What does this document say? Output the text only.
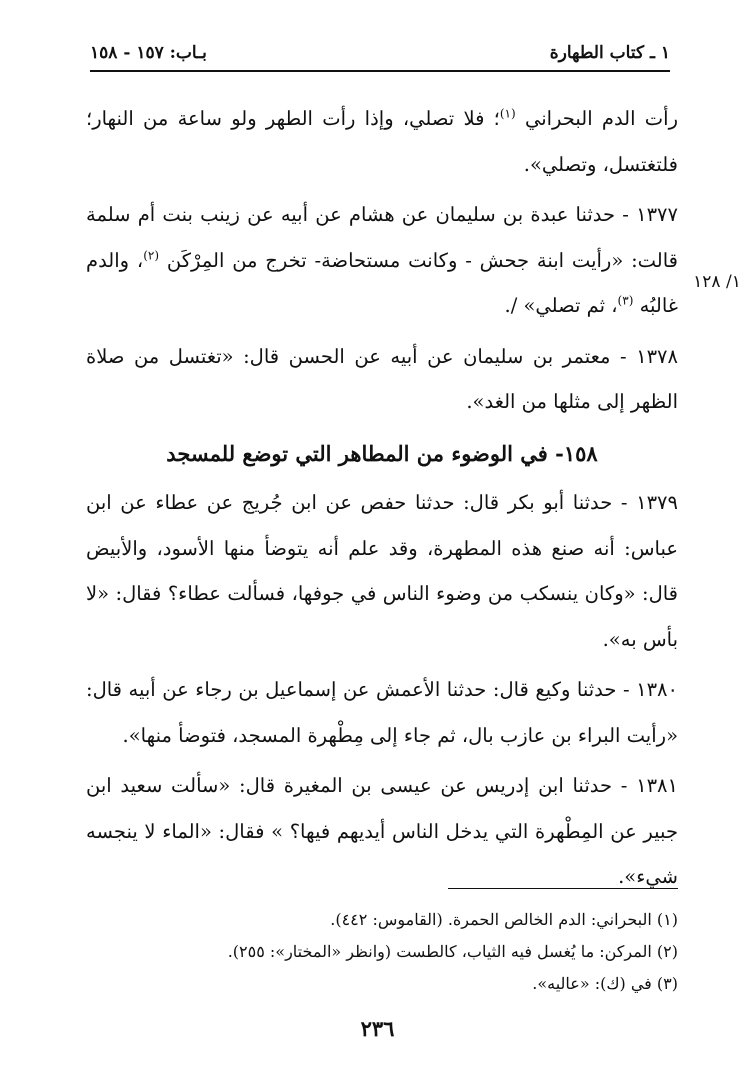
بـاب: ١٥٧ - ١٥٨	١ ـ كتاب الطهارة
١/ ١٢٨

رأت الدم البحراني $^{(١)}$؛ فلا تصلي، وإذا رأت الطهر ولو ساعة من النهار؛ فلتغتسل، وتصلي».

١٣٧٧ - حدثنا عبدة بن سليمان عن هشام عن أبيه عن زينب بنت أم سلمة قالت: «رأيت ابنة جحش - وكانت مستحاضة- تخرج من المِرْكَن $^{(٢)}$، والدم غالبُه $^{(٣)}$، ثم تصلي» /.

١٣٧٨ - معتمر بن سليمان عن أبيه عن الحسن قال: «تغتسل من صلاة الظهر إلى مثلها من الغد».

١٥٨- في الوضوء من المطاهر التي توضع للمسجد

١٣٧٩ - حدثنا أبو بكر قال: حدثنا حفص عن ابن جُريج عن عطاء عن ابن عباس: أنه صنع هذه المطهرة، وقد علم أنه يتوضأ منها الأسود، والأبيض قال: «وكان ينسكب من وضوء الناس في جوفها، فسألت عطاء؟ فقال: «لا بأس به».

١٣٨٠ - حدثنا وكيع قال: حدثنا الأعمش عن إسماعيل بن رجاء عن أبيه قال: «رأيت البراء بن عازب بال، ثم جاء إلى مِطْهرة المسجد، فتوضأ منها».

١٣٨١ - حدثنا ابن إدريس عن عيسى بن المغيرة قال: «سألت سعيد ابن جبير عن المِطْهرة التي يدخل الناس أيديهم فيها؟ » فقال: «الماء لا ينجسه شيء».

(١) البحراني: الدم الخالص الحمرة. (القاموس: ٤٤٢).
(٢) المركن: ما يُغسل فيه الثياب، كالطست (وانظر «المختار»: ٢٥٥).
(٣) في (ك): «عاليه».
٢٣٦
